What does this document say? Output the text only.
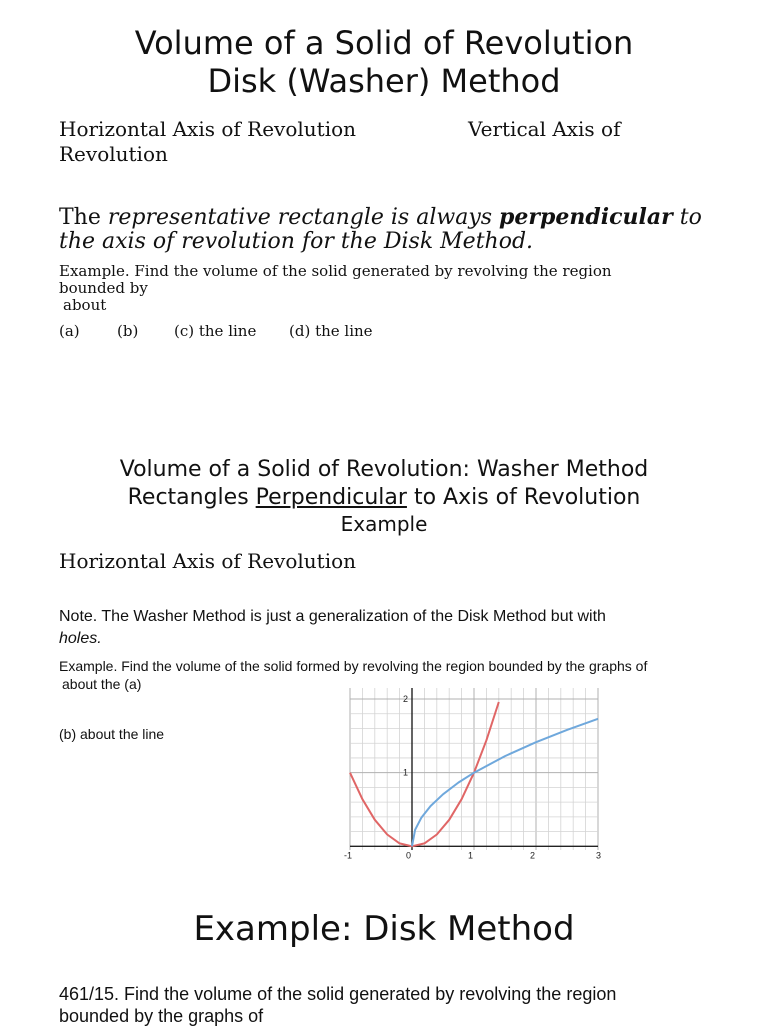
Volume of a Solid of Revolution
Disk (Washer) Method
Horizontal Axis of Revolution	Vertical Axis of
Revolution
The representative rectangle is always perpendicular to
the axis of revolution for the Disk Method.
Example. Find the volume of the solid generated by revolving the region
bounded by
about
(a) (b) (c) the line (d) the line
Volume of a Solid of Revolution: Washer Method
Rectangles Perpendicular to Axis of Revolution
Example
Horizontal Axis of Revolution
Note. The Washer Method is just a generalization of the Disk Method but with
holes.
Example. Find the volume of the solid formed by revolving the region bounded by the graphs of
about the (a)
(b) about the line
-1	0	1	2	3
1
2
Example: Disk Method
461/15. Find the volume of the solid generated by revolving the region
bounded by the graphs of
